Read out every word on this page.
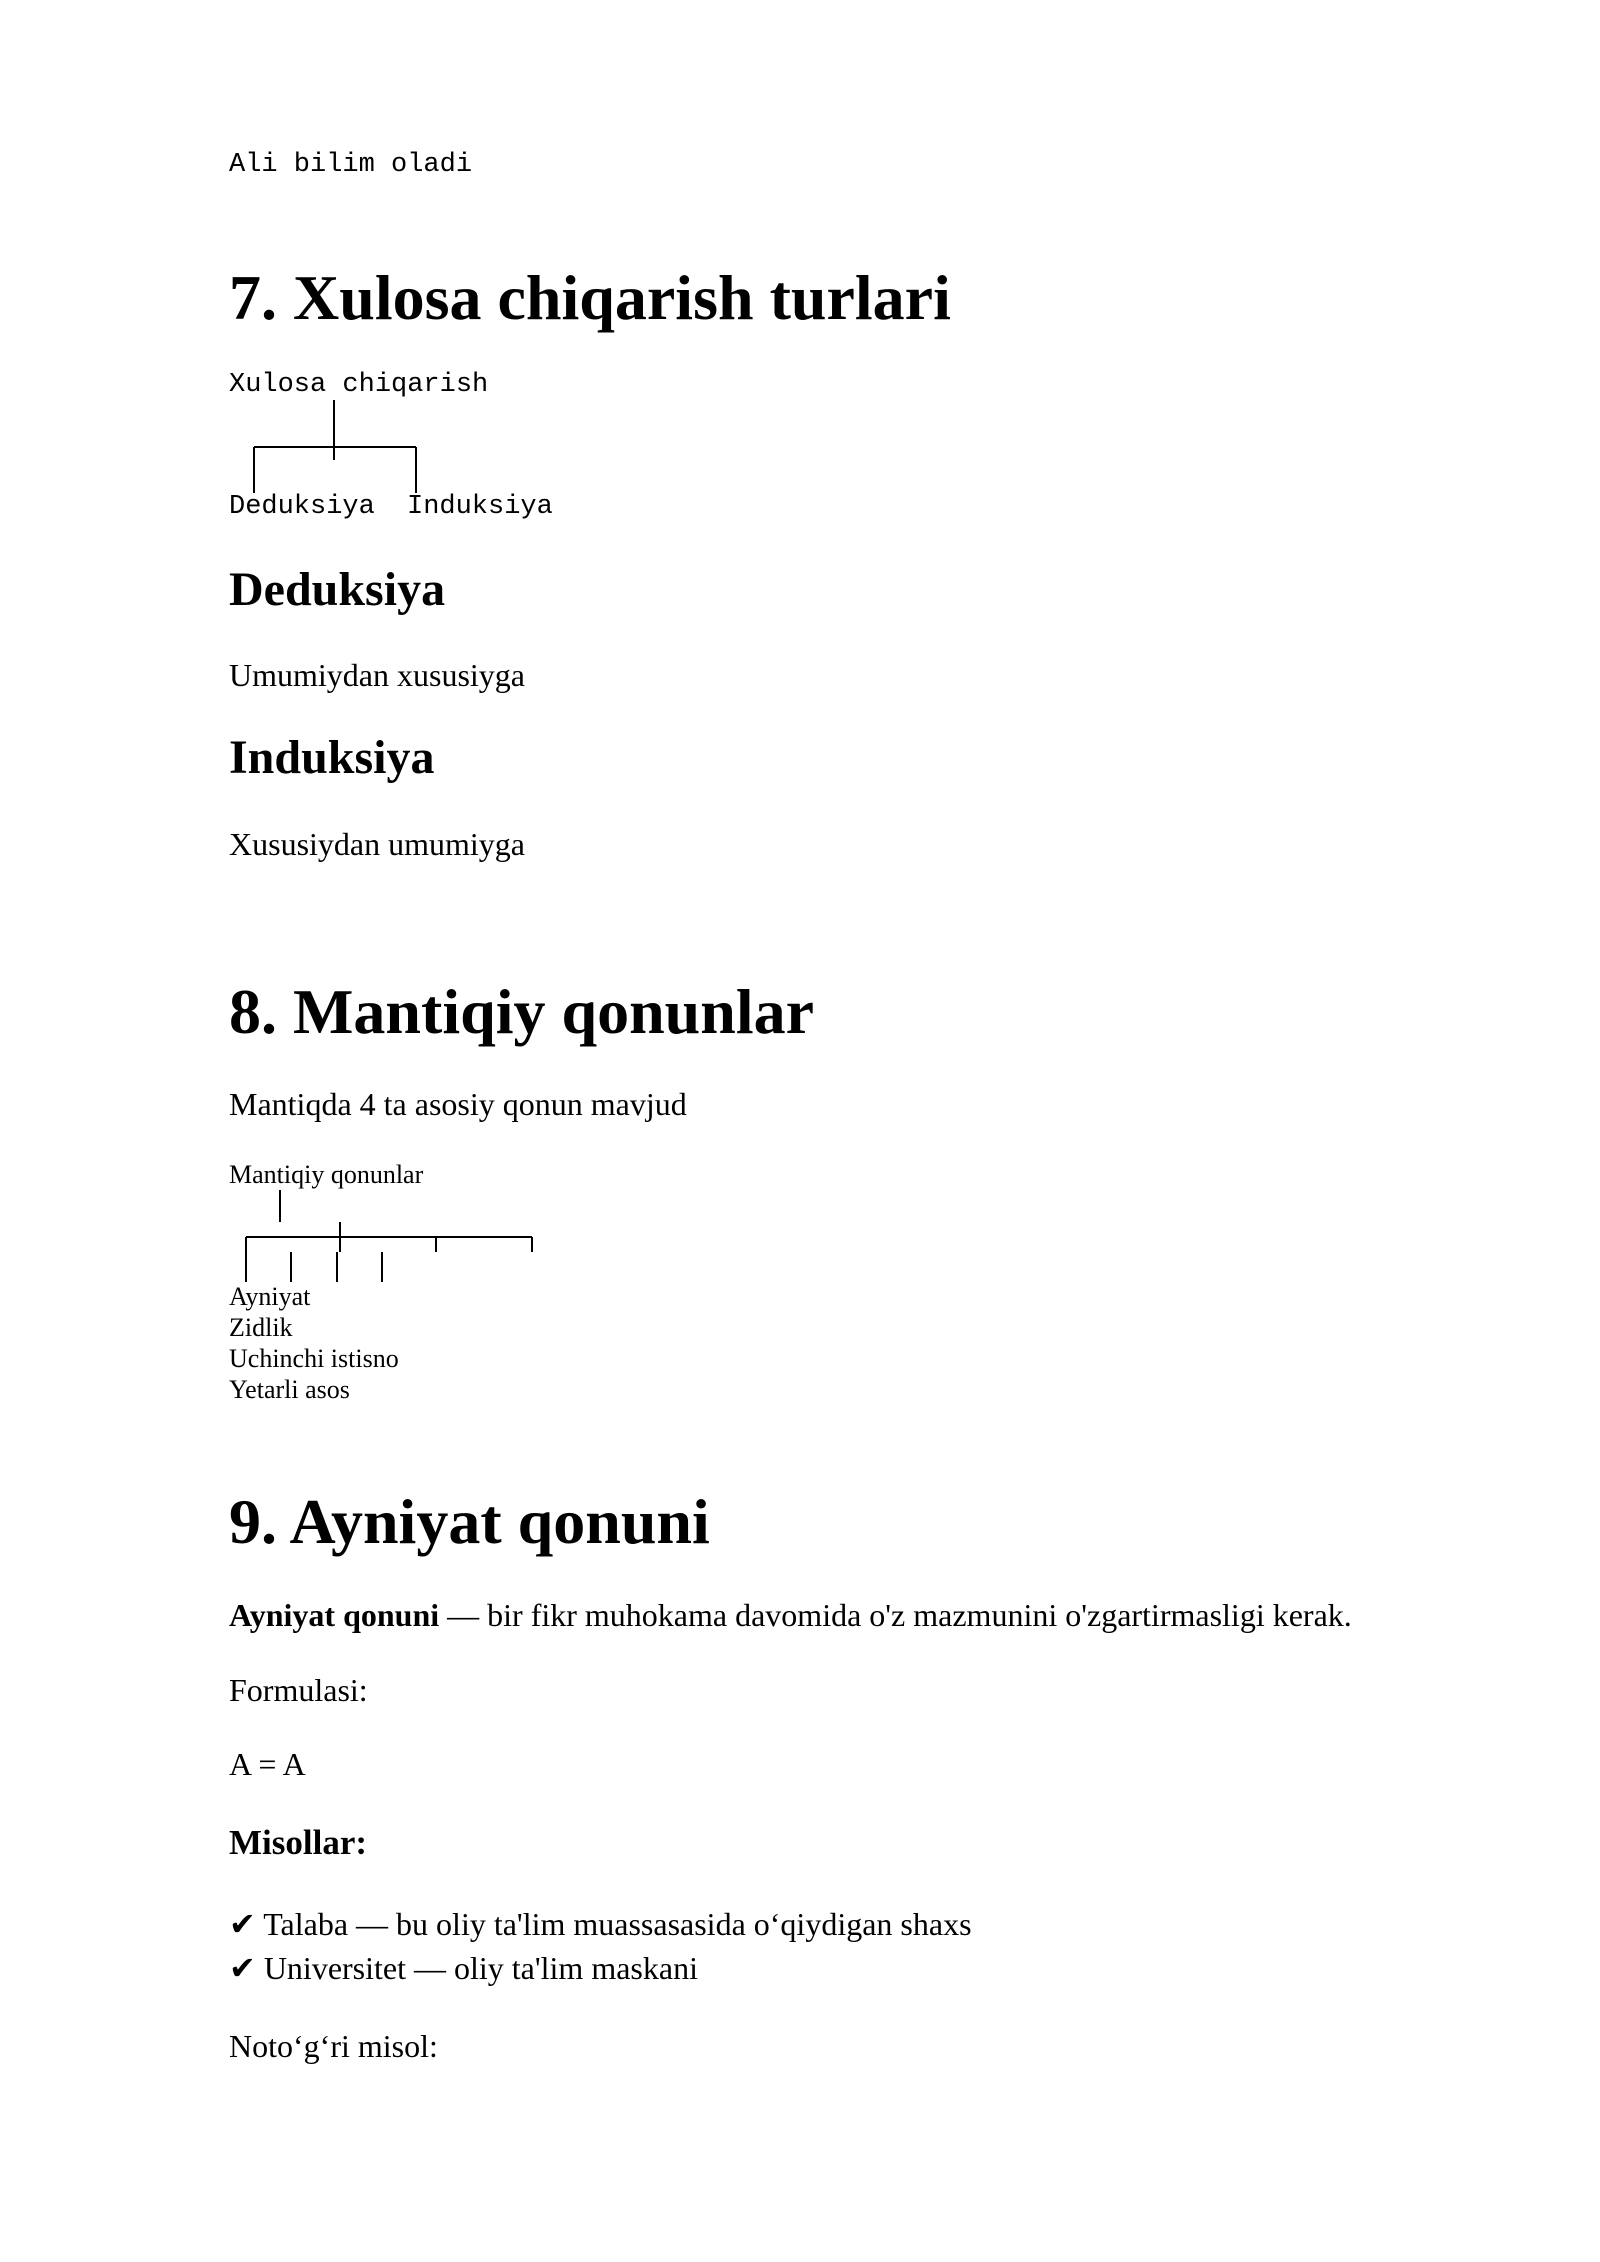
Ali bilim oladi
7. Xulosa chiqarish turlari
Xulosa chiqarish
Deduksiya Induksiya
Deduksiya
Umumiydan xususiyga
Induksiya
Xususiydan umumiyga
8. Mantiqiy qonunlar
Mantiqda 4 ta asosiy qonun mavjud
Mantiqiy qonunlar
Ayniyat
Zidlik
Uchinchi istisno
Yetarli asos
9. Ayniyat qonuni
Ayniyat qonuni — bir fikr muhokama davomida o'z mazmunini o'zgartirmasligi kerak.
Formulasi:
A = A
Misollar:
✔ Talaba — bu oliy ta'lim muassasasida oʻqiydigan shaxs
✔ Universitet — oliy ta'lim maskani
Notoʻgʻri misol:
